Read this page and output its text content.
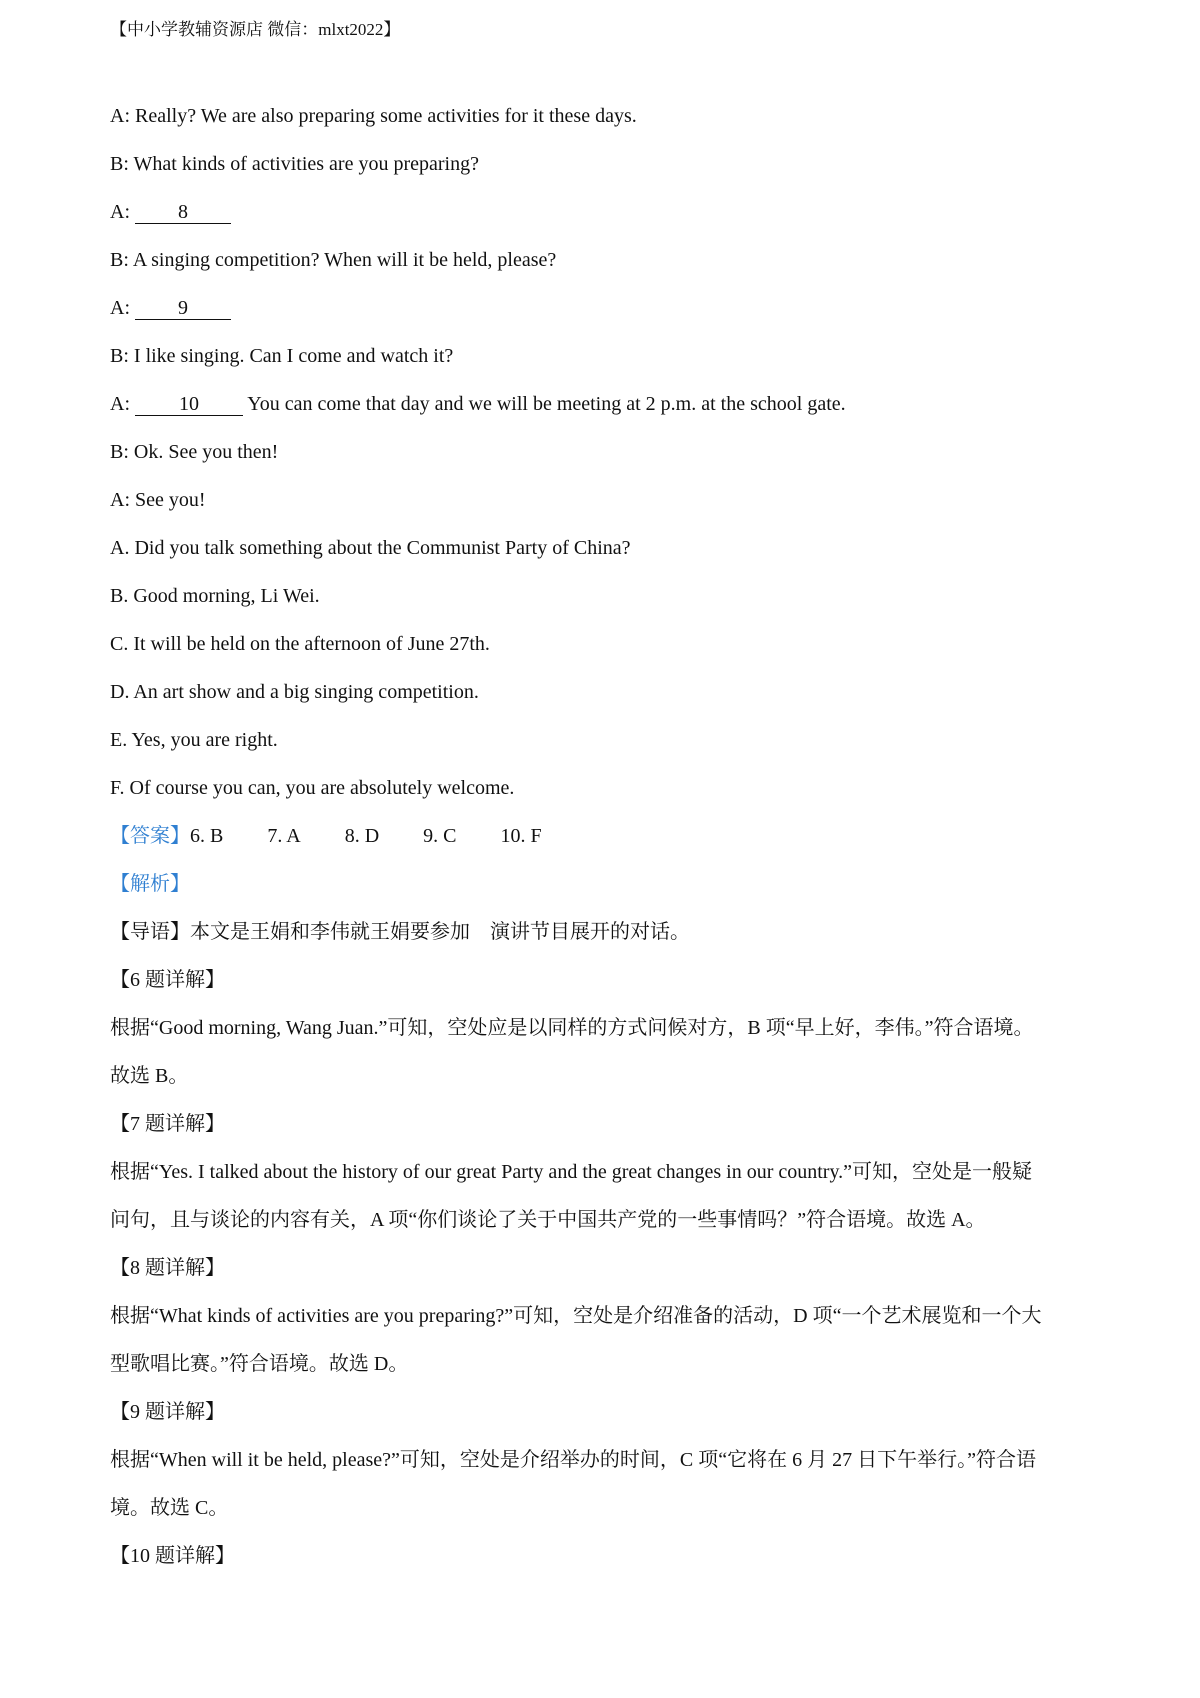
【中小学教辅资源店 微信：mlxt2022】
A: Really? We are also preparing some activities for it these days.
B: What kinds of activities are you preparing?
A: 8
B: A singing competition? When will it be held, please?
A: 9
B: I like singing. Can I come and watch it?
A: 10 You can come that day and we will be meeting at 2 p.m. at the school gate.
B: Ok. See you then!
A: See you!
A. Did you talk something about the Communist Party of China?
B. Good morning, Li Wei.
C. It will be held on the afternoon of June 27th.
D. An art show and a big singing competition.
E. Yes, you are right.
F. Of course you can, you are absolutely welcome.
【答案】6. B 7. A 8. D 9. C 10. F
【解析】
【导语】本文是王娟和李伟就王娟要参加　演讲节目展开的对话。
【6 题详解】
根据“Good morning, Wang Juan.”可知，空处应是以同样的方式问候对方，B 项“早上好，李伟。”符合语境。
故选 B。
【7 题详解】
根据“Yes. I talked about the history of our great Party and the great changes in our country.”可知，空处是一般疑
问句，且与谈论的内容有关，A 项“你们谈论了关于中国共产党的一些事情吗？”符合语境。故选 A。
【8 题详解】
根据“What kinds of activities are you preparing?”可知，空处是介绍准备的活动，D 项“一个艺术展览和一个大
型歌唱比赛。”符合语境。故选 D。
【9 题详解】
根据“When will it be held, please?”可知，空处是介绍举办的时间，C 项“它将在 6 月 27 日下午举行。”符合语
境。故选 C。
【10 题详解】
